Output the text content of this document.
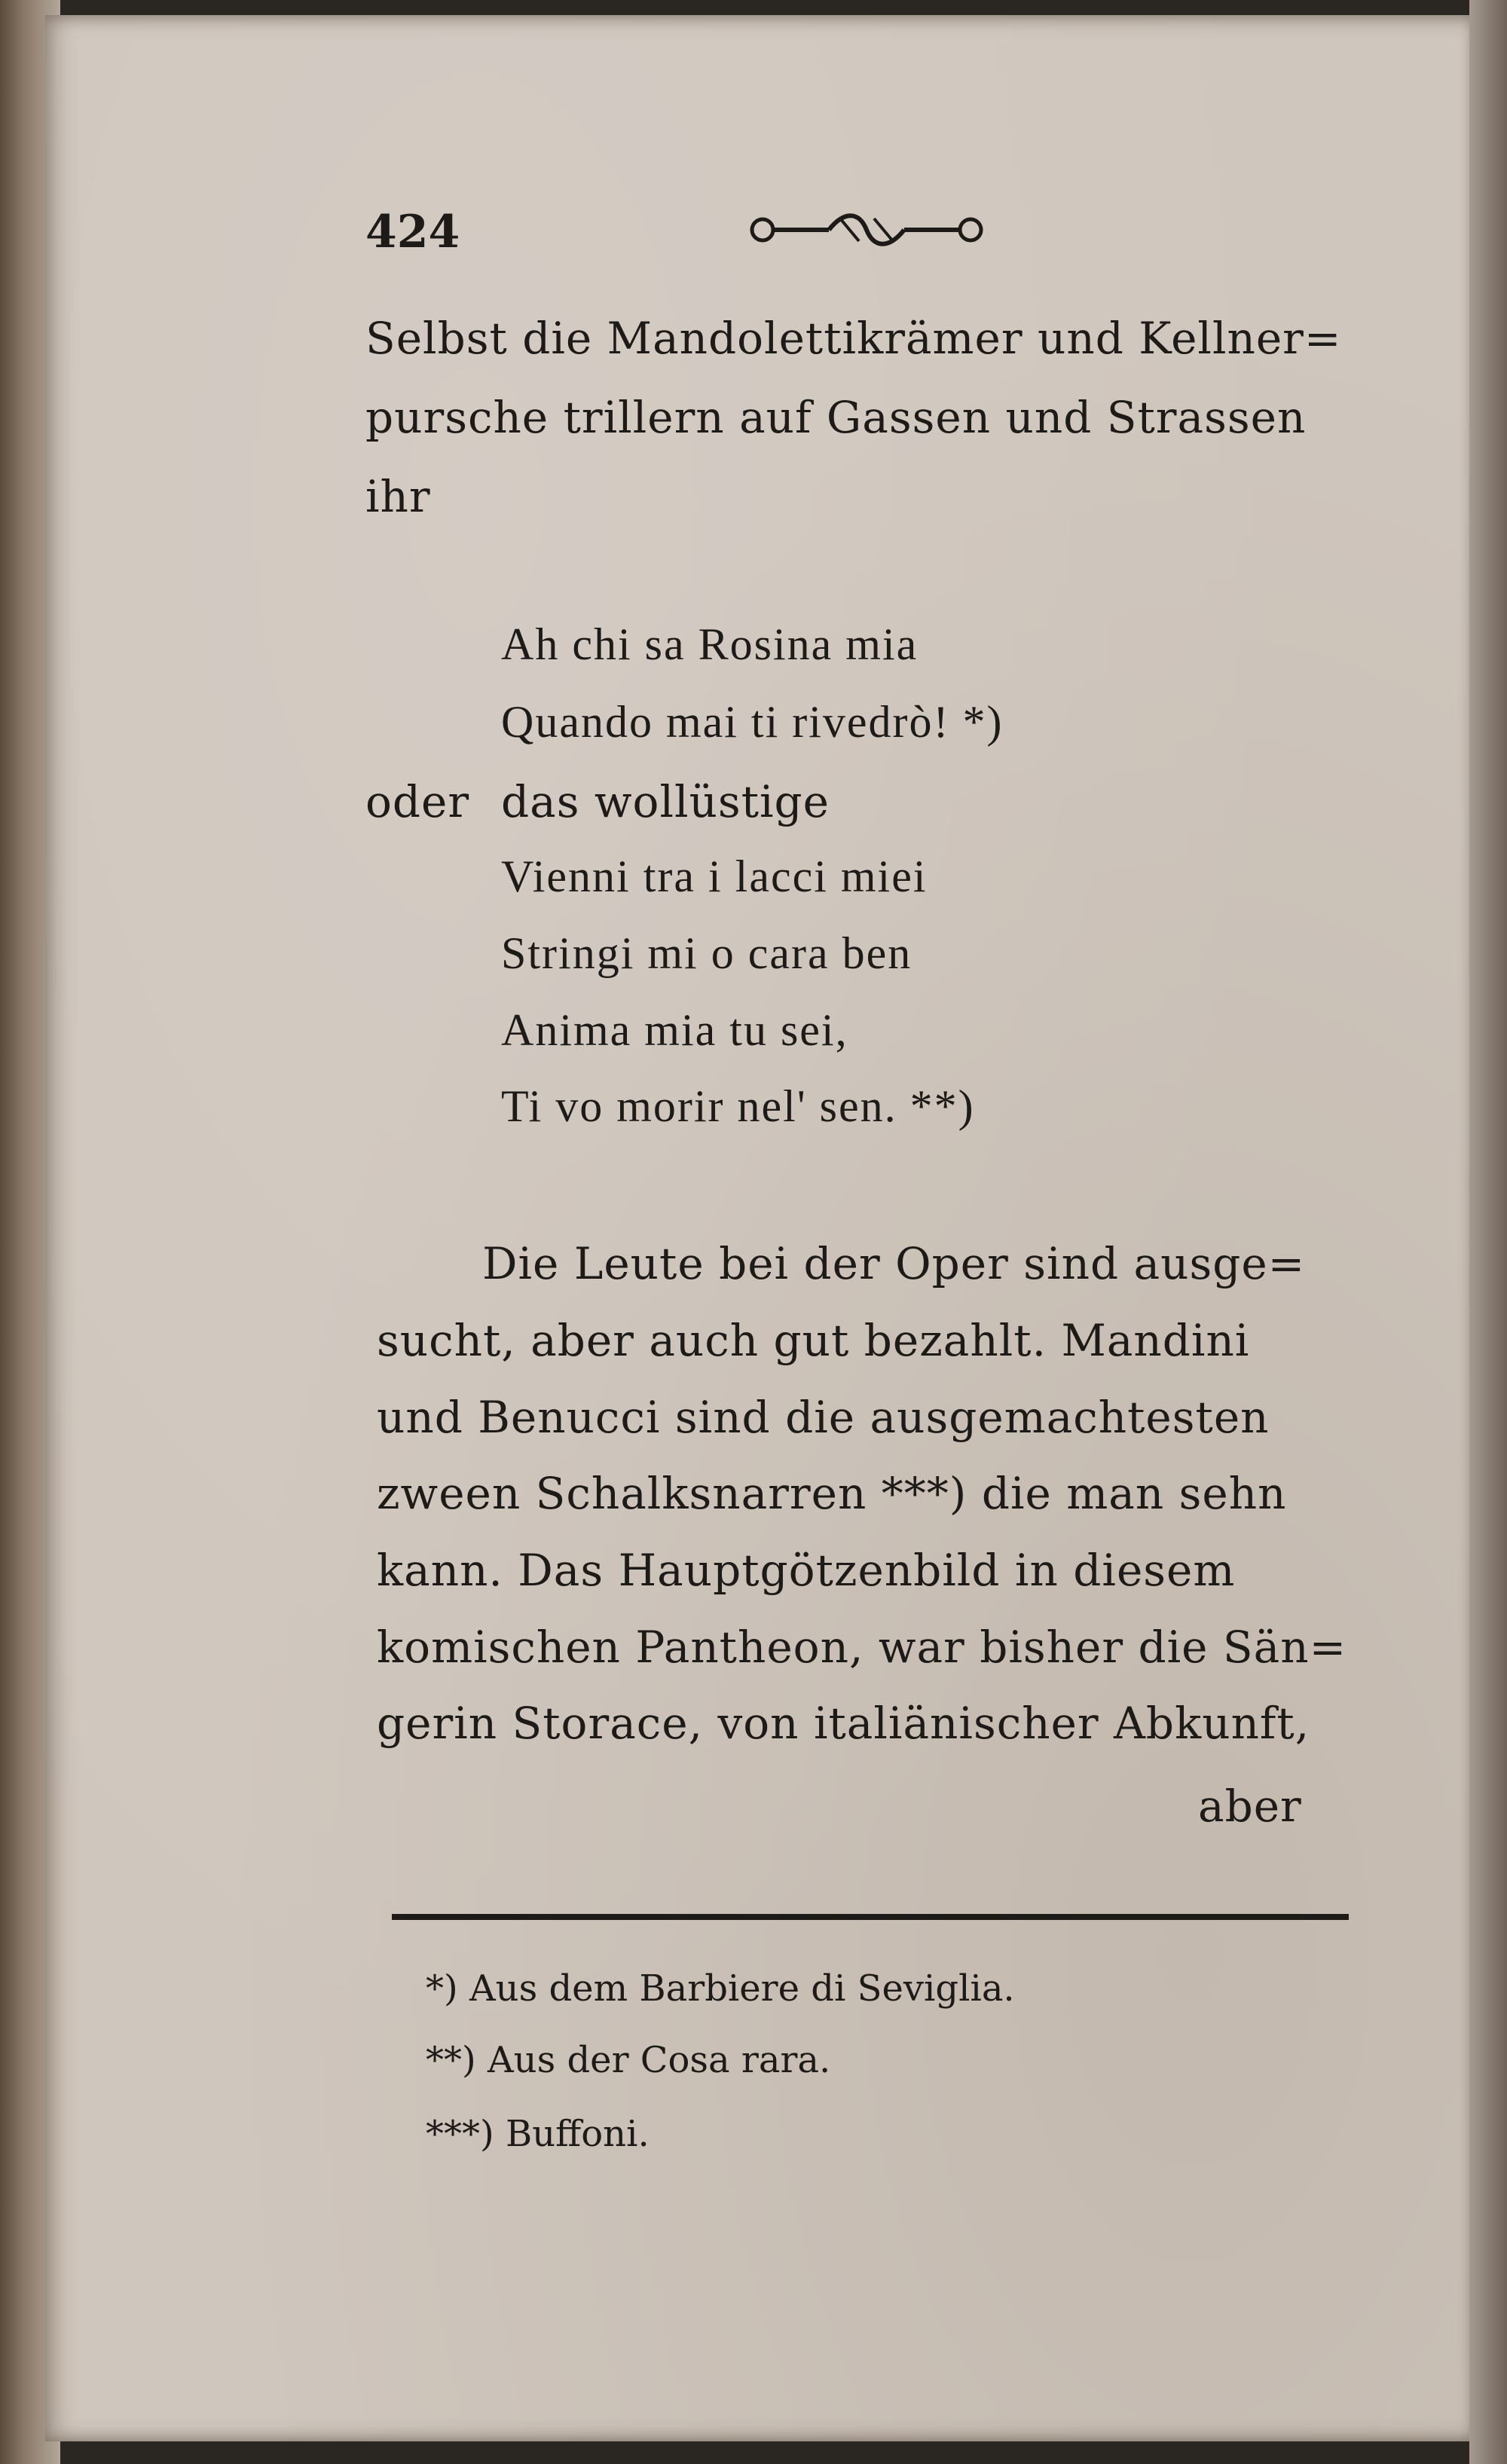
424
Selbst die Mandolettikrämer und Kellner=
pursche trillern auf Gassen und Strassen
ihr
Ah chi sa Rosina mia
Quando mai ti rivedrò! *)
oder das wollüstige
Vienni tra i lacci miei
Stringi mi o cara ben
Anima mia tu sei,
Ti vo morir nel' sen. **)
Die Leute bei der Oper sind ausge=
sucht, aber auch gut bezahlt. Mandini
und Benucci sind die ausgemachtesten
zween Schalksnarren ***) die man sehn
kann. Das Hauptgötzenbild in diesem
komischen Pantheon, war bisher die Sän=
gerin Storace, von italiänischer Abkunft,
aber
*) Aus dem Barbiere di Seviglia.
**) Aus der Cosa rara.
***) Buffoni.
